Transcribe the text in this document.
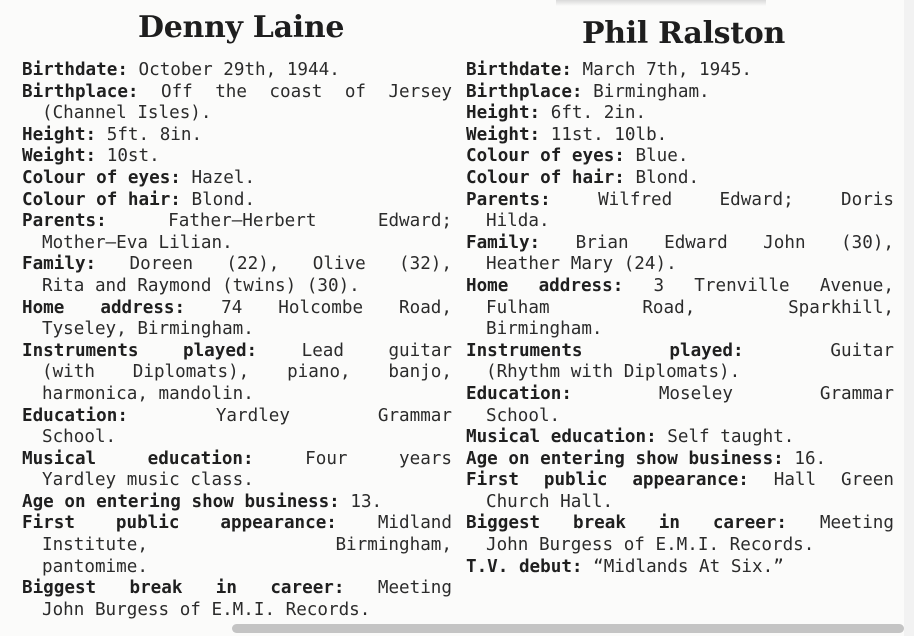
Denny Laine	Phil Ralston
Birthdate: October 29th, 1944.
Birthplace: Off the coast of Jersey
(Channel Isles).
Height: 5ft. 8in.
Weight: 10st.
Colour of eyes: Hazel.
Colour of hair: Blond.
Parents: Father—Herbert Edward;
Mother—Eva Lilian.
Family: Doreen (22), Olive (32),
Rita and Raymond (twins) (30).
Home address: 74 Holcombe Road,
Tyseley, Birmingham.
Instruments played: Lead guitar
(with Diplomats), piano, banjo,
harmonica, mandolin.
Education: Yardley Grammar
School.
Musical education: Four years
Yardley music class.
Age on entering show business: 13.
First public appearance: Midland
Institute, Birmingham,
pantomime.
Biggest break in career: Meeting
John Burgess of E.M.I. Records.
Birthdate: March 7th, 1945.
Birthplace: Birmingham.
Height: 6ft. 2in.
Weight: 11st. 10lb.
Colour of eyes: Blue.
Colour of hair: Blond.
Parents: Wilfred Edward; Doris
Hilda.
Family: Brian Edward John (30),
Heather Mary (24).
Home address: 3 Trenville Avenue,
Fulham Road, Sparkhill,
Birmingham.
Instruments played: Guitar
(Rhythm with Diplomats).
Education: Moseley Grammar
School.
Musical education: Self taught.
Age on entering show business: 16.
First public appearance: Hall Green
Church Hall.
Biggest break in career: Meeting
John Burgess of E.M.I. Records.
T.V. debut: “Midlands At Six.”
